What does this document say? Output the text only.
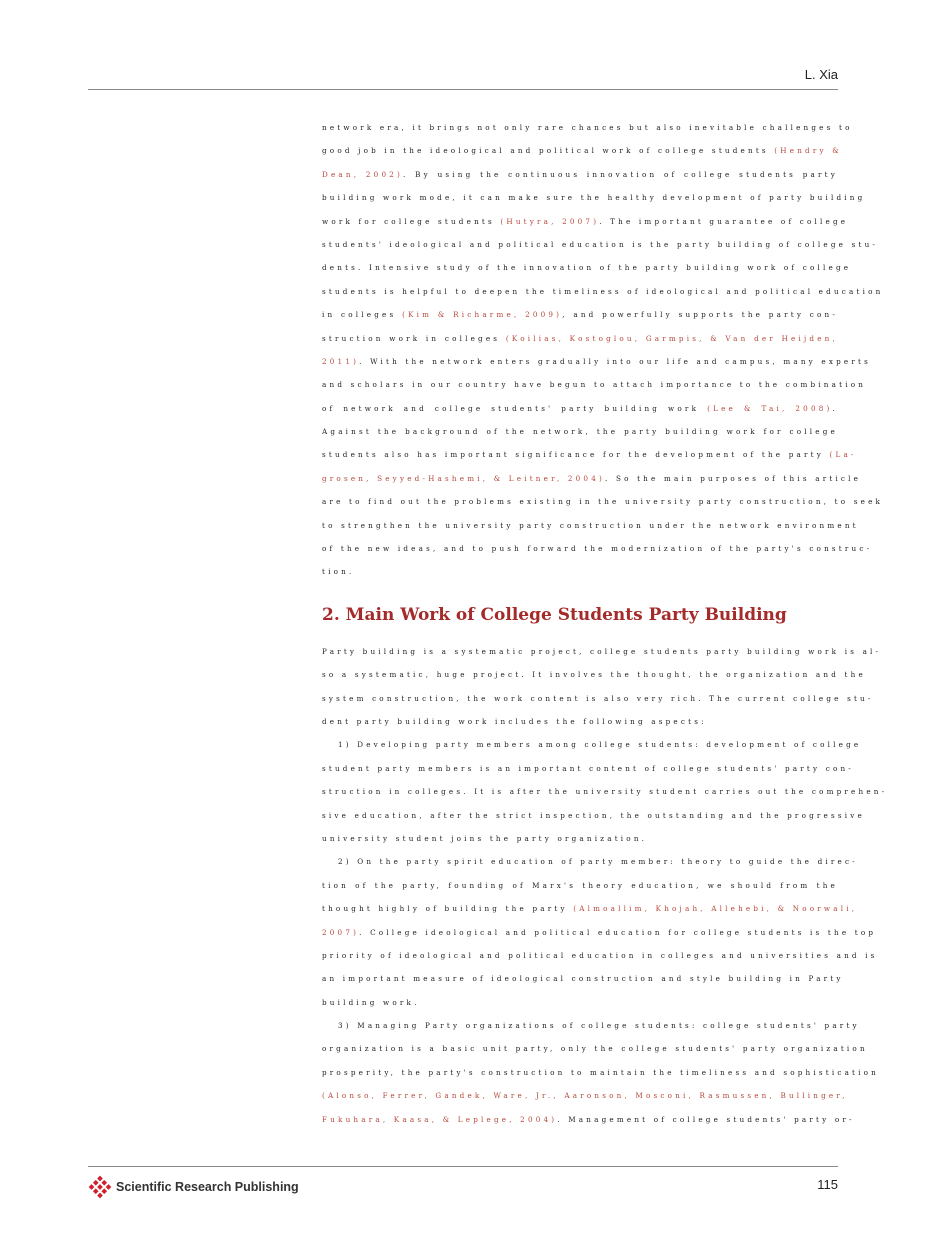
L. Xia
network era, it brings not only rare chances but also inevitable challenges to
good job in the ideological and political work of college students (Hendry &
Dean, 2002). By using the continuous innovation of college students party
building work mode, it can make sure the healthy development of party building
work for college students (Hutyra, 2007). The important guarantee of college
students' ideological and political education is the party building of college stu-
dents. Intensive study of the innovation of the party building work of college
students is helpful to deepen the timeliness of ideological and political education
in colleges (Kim & Richarme, 2009), and powerfully supports the party con-
struction work in colleges (Koilias, Kostoglou, Garmpis, & Van der Heijden,
2011). With the network enters gradually into our life and campus, many experts
and scholars in our country have begun to attach importance to the combination
of network and college students' party building work (Lee & Tai, 2008).
Against the background of the network, the party building work for college
students also has important significance for the development of the party (La-
grosen, Seyyed-Hashemi, & Leitner, 2004). So the main purposes of this article
are to find out the problems existing in the university party construction, to seek
to strengthen the university party construction under the network environment
of the new ideas, and to push forward the modernization of the party's construc-
tion.
2. Main Work of College Students Party Building
Party building is a systematic project, college students party building work is al-
so a systematic, huge project. It involves the thought, the organization and the
system construction, the work content is also very rich. The current college stu-
dent party building work includes the following aspects:
1) Developing party members among college students: development of college
student party members is an important content of college students' party con-
struction in colleges. It is after the university student carries out the comprehen-
sive education, after the strict inspection, the outstanding and the progressive
university student joins the party organization.
2) On the party spirit education of party member: theory to guide the direc-
tion of the party, founding of Marx's theory education, we should from the
thought highly of building the party (Almoallim, Khojah, Allehebi, & Noorwali,
2007). College ideological and political education for college students is the top
priority of ideological and political education in colleges and universities and is
an important measure of ideological construction and style building in Party
building work.
3) Managing Party organizations of college students: college students' party
organization is a basic unit party, only the college students' party organization
prosperity, the party's construction to maintain the timeliness and sophistication
(Alonso, Ferrer, Gandek, Ware, Jr., Aaronson, Mosconi, Rasmussen, Bullinger,
Fukuhara, Kaasa, & Leplege, 2004). Management of college students' party or-
Scientific Research Publishing	115
